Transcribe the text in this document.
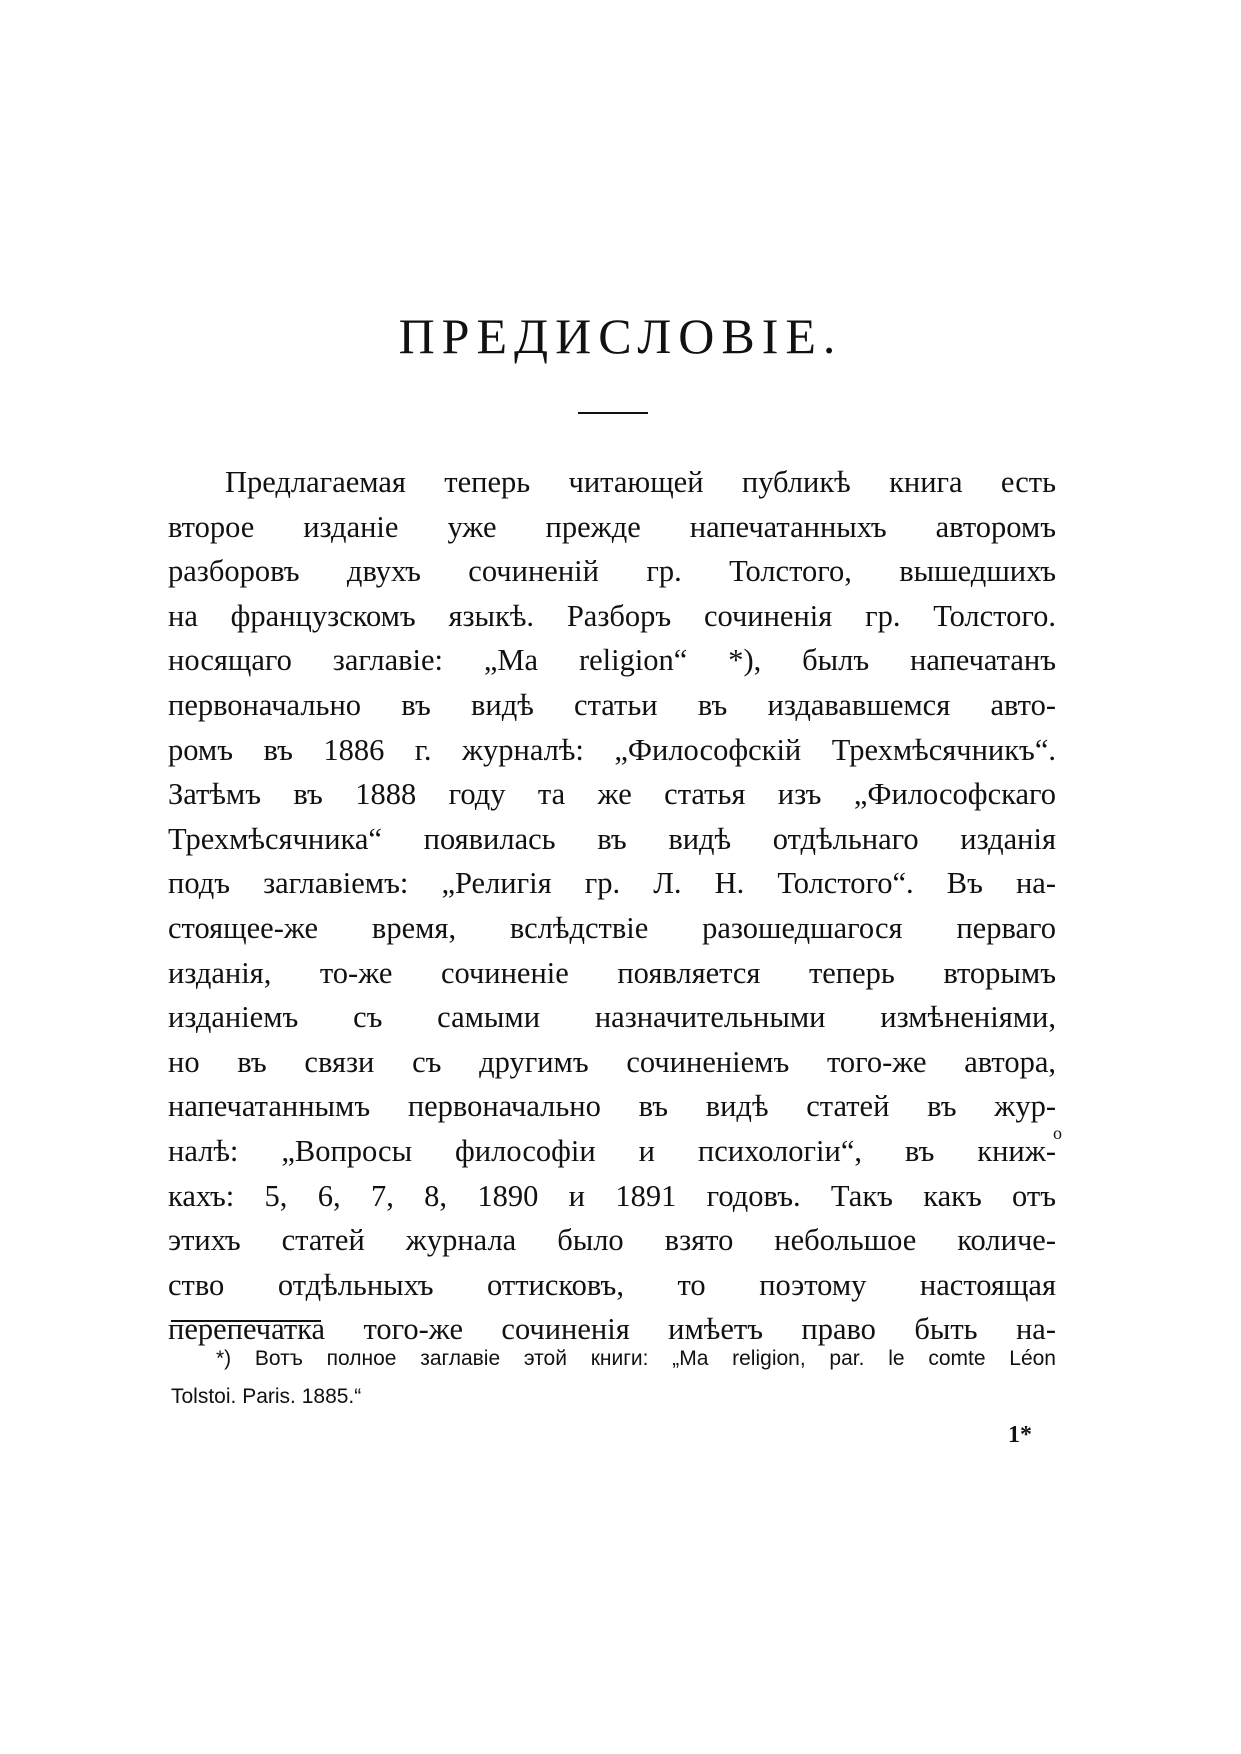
ПРЕДИСЛОВІЕ.
Предлагаемая теперь читающей публикѣ книга есть
второе изданіе уже прежде напечатанныхъ авторомъ
разборовъ двухъ сочиненій гр. Толстого, вышедшихъ
на французскомъ языкѣ. Разборъ сочиненія гр. Толстого.
носящаго заглавіе: „Ma religion“ *), былъ напечатанъ
первоначально въ видѣ статьи въ издававшемся авто-
ромъ въ 1886 г. журналѣ: „Философскій Трехмѣсячникъ“.
Затѣмъ въ 1888 году та же статья изъ „Философскаго
Трехмѣсячника“ появилась въ видѣ отдѣльнаго изданія
подъ заглавіемъ: „Религія гр. Л. Н. Толстого“. Въ на-
стоящее-же время, вслѣдствіе разошедшагося перваго
изданія, то-же сочиненіе появляется теперь вторымъ
изданіемъ съ самыми назначительными измѣненіями,
но въ связи съ другимъ сочиненіемъ того-же автора,
напечатаннымъ первоначально въ видѣ статей въ жур-
налѣ: „Вопросы философіи и психологіи“, въ книж-
кахъ: 5, 6, 7, 8, 1890 и 1891 годовъ. Такъ какъ отъ
этихъ статей журнала было взято небольшое количе-
ство отдѣльныхъ оттисковъ, то поэтому настоящая
перепечатка того-же сочиненія имѣетъ право быть на-
о
*) Вотъ полное заглавіе этой книги: „Ma religion, par. le comte Léon
Tolstoi. Paris. 1885.“
1*
